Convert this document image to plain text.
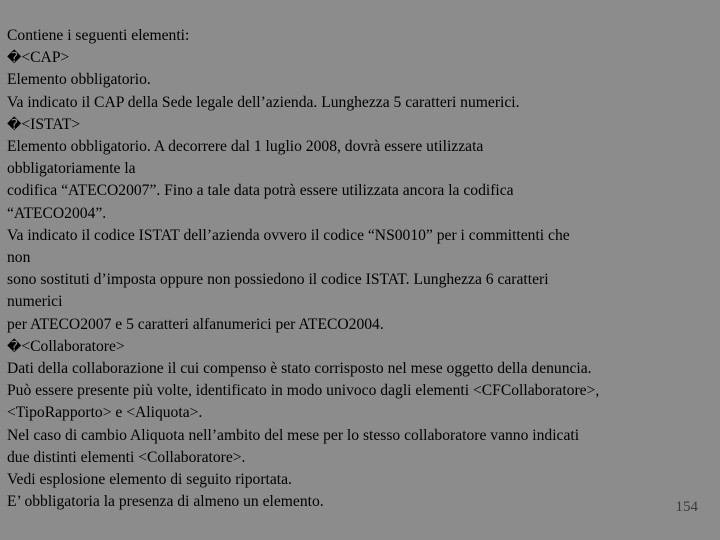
Contiene i seguenti elementi:
�<CAP>
Elemento obbligatorio.
Va indicato il CAP della Sede legale dell’azienda. Lunghezza 5 caratteri numerici.
�<ISTAT>
Elemento obbligatorio. A decorrere dal 1 luglio 2008, dovrà essere utilizzata
obbligatoriamente la
codifica “ATECO2007”. Fino a tale data potrà essere utilizzata ancora la codifica
“ATECO2004”.
Va indicato il codice ISTAT dell’azienda ovvero il codice “NS0010” per i committenti che
non
sono sostituti d’imposta oppure non possiedono il codice ISTAT. Lunghezza 6 caratteri
numerici
per ATECO2007 e 5 caratteri alfanumerici per ATECO2004.
�<Collaboratore>
Dati della collaborazione il cui compenso è stato corrisposto nel mese oggetto della denuncia.
Può essere presente più volte, identificato in modo univoco dagli elementi <CFCollaboratore>,
<TipoRapporto> e <Aliquota>.
Nel caso di cambio Aliquota nell’ambito del mese per lo stesso collaboratore vanno indicati
due distinti elementi <Collaboratore>.
Vedi esplosione elemento di seguito riportata.
E’ obbligatoria la presenza di almeno un elemento.	154
